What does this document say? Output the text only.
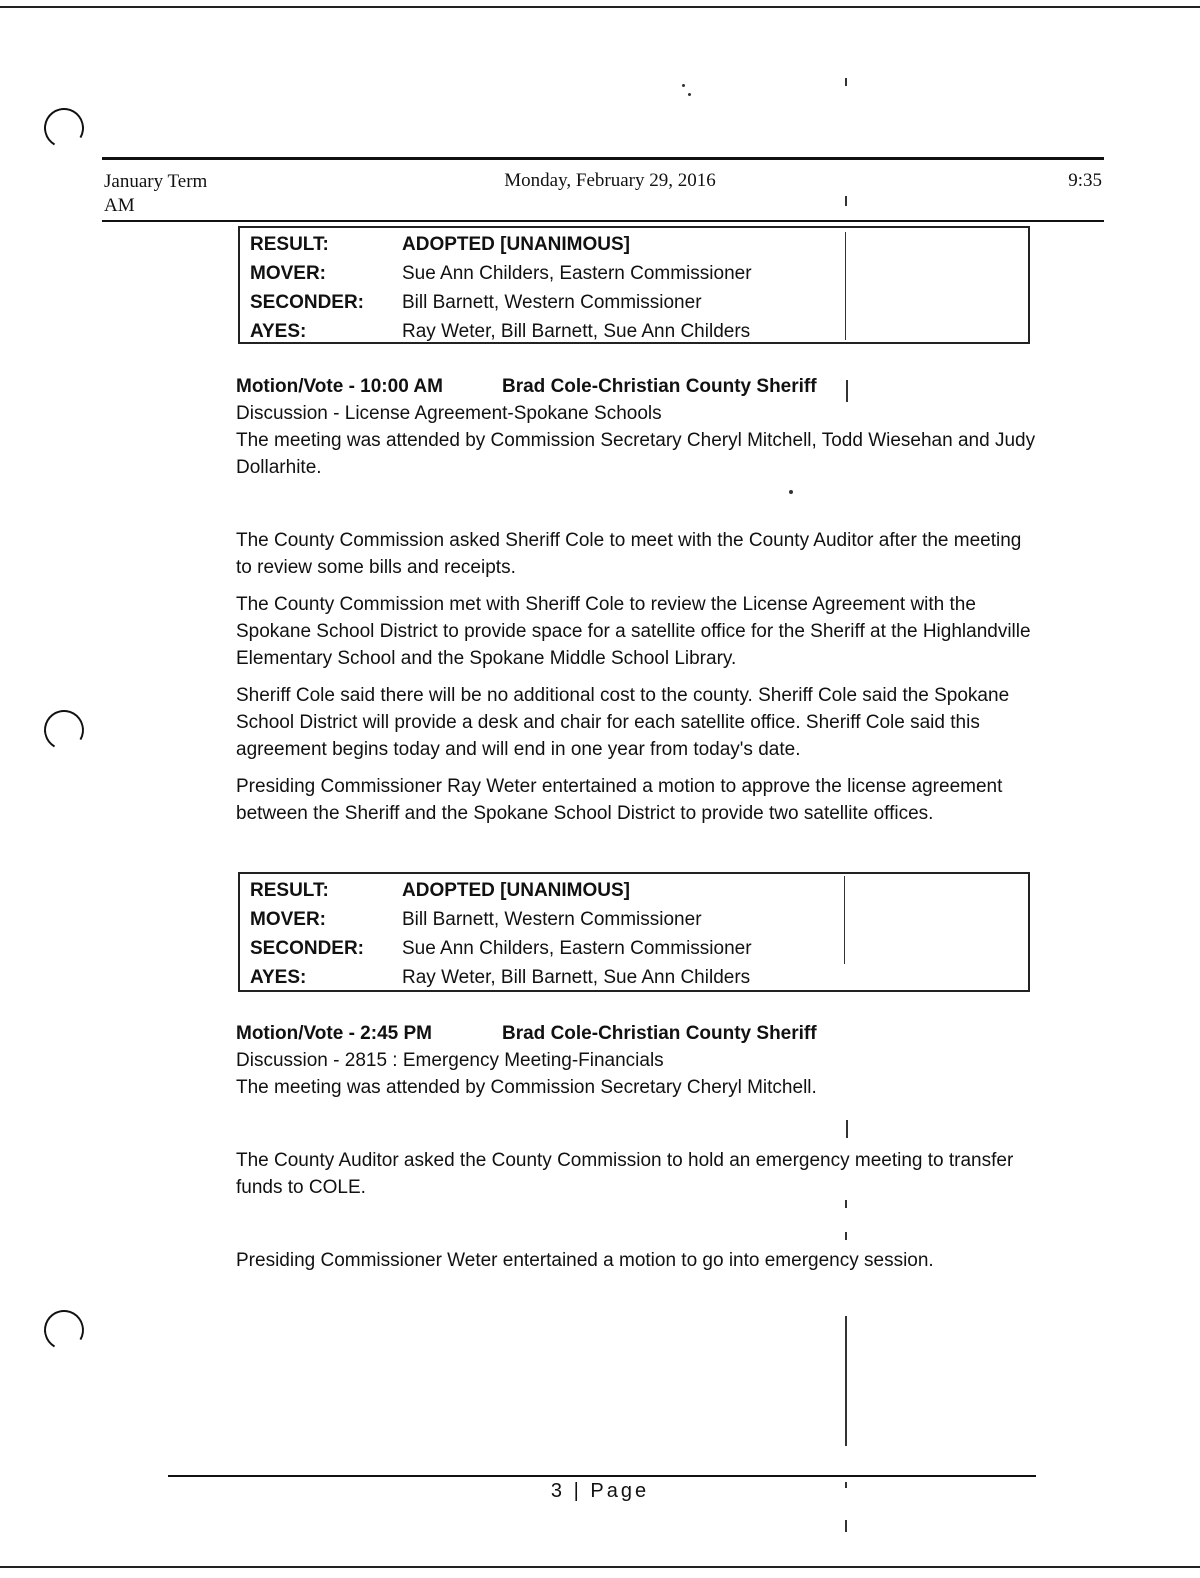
January Term
AM
Monday, February 29, 2016	9:35
RESULT:	ADOPTED [UNANIMOUS]
MOVER:	Sue Ann Childers, Eastern Commissioner
SECONDER:	Bill Barnett, Western Commissioner
AYES:	Ray Weter, Bill Barnett, Sue Ann Childers
Motion/Vote - 10:00 AM	Brad Cole-Christian County Sheriff

Discussion - License Agreement-Spokane Schools

The meeting was attended by Commission Secretary Cheryl Mitchell, Todd Wiesehan and Judy Dollarhite.

The County Commission asked Sheriff Cole to meet with the County Auditor after the meeting to review some bills and receipts.

The County Commission met with Sheriff Cole to review the License Agreement with the Spokane School District to provide space for a satellite office for the Sheriff at the Highlandville Elementary School and the Spokane Middle School Library.

Sheriff Cole said there will be no additional cost to the county. Sheriff Cole said the Spokane School District will provide a desk and chair for each satellite office. Sheriff Cole said this agreement begins today and will end in one year from today's date.

Presiding Commissioner Ray Weter entertained a motion to approve the license agreement between the Sheriff and the Spokane School District to provide two satellite offices.

RESULT:	ADOPTED [UNANIMOUS]
MOVER:	Bill Barnett, Western Commissioner
SECONDER:	Sue Ann Childers, Eastern Commissioner
AYES:	Ray Weter, Bill Barnett, Sue Ann Childers
Motion/Vote - 2:45 PM	Brad Cole-Christian County Sheriff

Discussion - 2815 : Emergency Meeting-Financials

The meeting was attended by Commission Secretary Cheryl Mitchell.

The County Auditor asked the County Commission to hold an emergency meeting to transfer funds to COLE.

Presiding Commissioner Weter entertained a motion to go into emergency session.

3 | Page
